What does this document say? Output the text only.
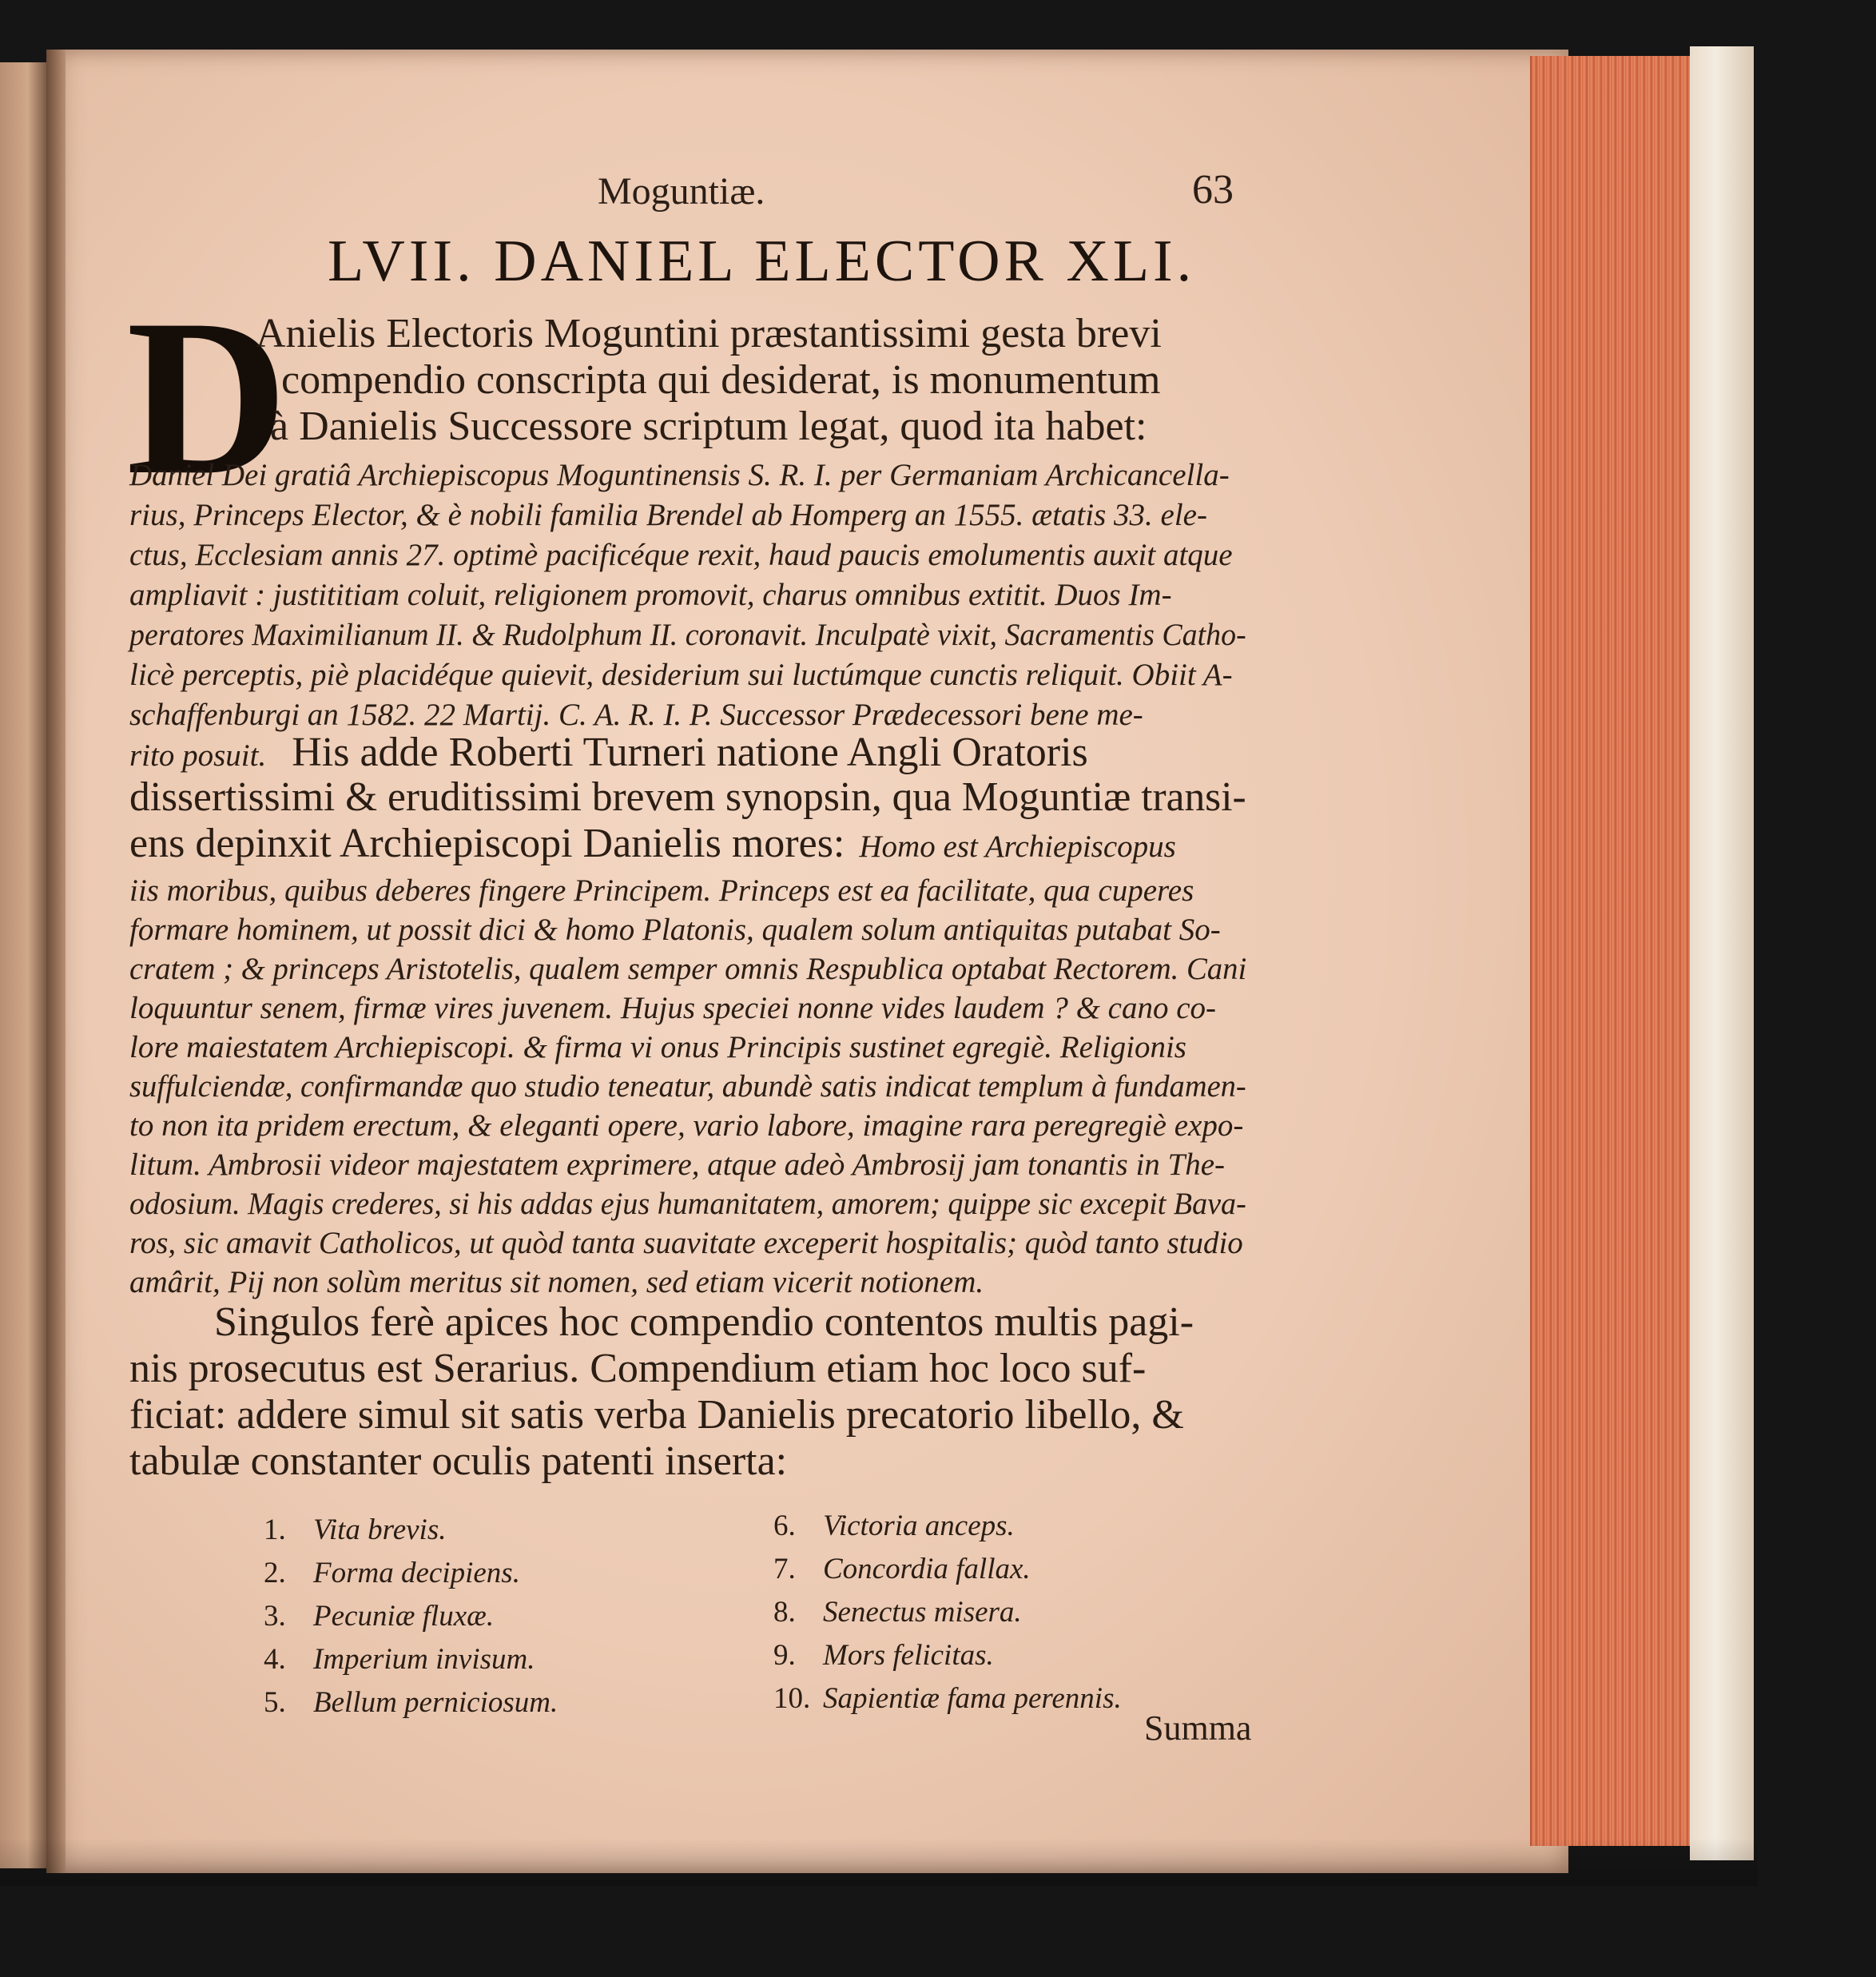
Moguntiæ.	63
LVII. DANIEL ELECTOR XLI.
D
Anielis Electoris Moguntini præstantissimi gesta brevi
compendio conscripta qui desiderat, is monumentum
à Danielis Successore scriptum legat, quod ita habet:
Daniel Dei gratiâ Archiepiscopus Moguntinensis S. R. I. per Germaniam Archicancella-
rius, Princeps Elector, & è nobili familia Brendel ab Homperg an 1555. ætatis 33. ele-
ctus, Ecclesiam annis 27. optimè pacificéque rexit, haud paucis emolumentis auxit atque
ampliavit : justititiam coluit, religionem promovit, charus omnibus extitit. Duos Im-
peratores Maximilianum II. & Rudolphum II. coronavit. Inculpatè vixit, Sacramentis Catho-
licè perceptis, piè placidéque quievit, desiderium sui luctúmque cunctis reliquit. Obiit A-
schaffenburgi an 1582. 22 Martij. C. A. R. I. P. Successor Prædecessori bene me-
rito posuit. His adde Roberti Turneri natione Angli Oratoris
dissertissimi & eruditissimi brevem synopsin, qua Moguntiæ transi-
ens depinxit Archiepiscopi Danielis mores: Homo est Archiepiscopus
iis moribus, quibus deberes fingere Principem. Princeps est ea facilitate, qua cuperes
formare hominem, ut possit dici & homo Platonis, qualem solum antiquitas putabat So-
cratem ; & princeps Aristotelis, qualem semper omnis Respublica optabat Rectorem. Cani
loquuntur senem, firmæ vires juvenem. Hujus speciei nonne vides laudem ? & cano co-
lore maiestatem Archiepiscopi. & firma vi onus Principis sustinet egregiè. Religionis
suffulciendæ, confirmandæ quo studio teneatur, abundè satis indicat templum à fundamen-
to non ita pridem erectum, & eleganti opere, vario labore, imagine rara peregregiè expo-
litum. Ambrosii videor majestatem exprimere, atque adeò Ambrosij jam tonantis in The-
odosium. Magis crederes, si his addas ejus humanitatem, amorem; quippe sic excepit Bava-
ros, sic amavit Catholicos, ut quòd tanta suavitate exceperit hospitalis; quòd tanto studio
amârit, Pij non solùm meritus sit nomen, sed etiam vicerit notionem.
Singulos ferè apices hoc compendio contentos multis pagi-
nis prosecutus est Serarius. Compendium etiam hoc loco suf-
ficiat: addere simul sit satis verba Danielis precatorio libello, &
tabulæ constanter oculis patenti inserta:
1. Vita brevis.
2. Forma decipiens.
3. Pecuniæ fluxæ.
4. Imperium invisum.
5. Bellum perniciosum.
6. Victoria anceps.
7. Concordia fallax.
8. Senectus misera.
9. Mors felicitas.
10. Sapientiæ fama perennis.
Summa
